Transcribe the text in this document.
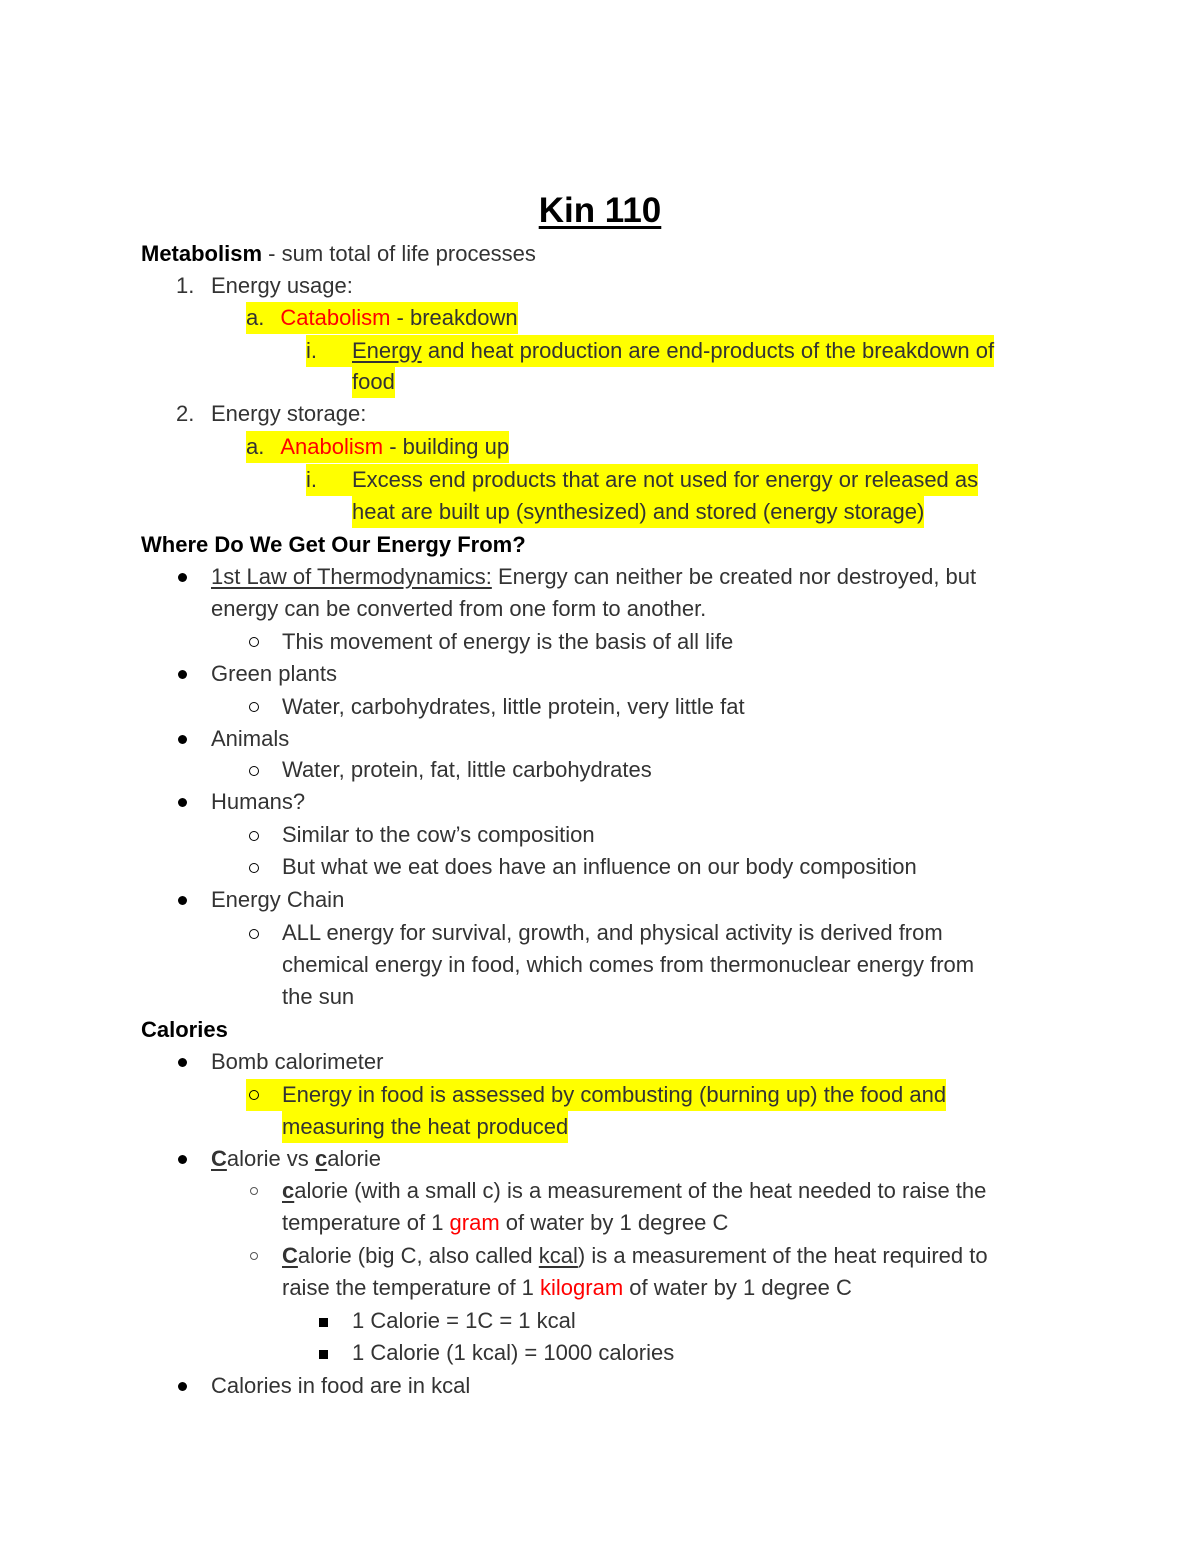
Kin 110
Metabolism - sum total of life processes
1. Energy usage:
a. Catabolism - breakdown
i.	Energy and heat production are end-products of the breakdown of
food
2. Energy storage:
a. Anabolism - building up
i.	Excess end products that are not used for energy or released as
heat are built up (synthesized) and stored (energy storage)
Where Do We Get Our Energy From?
1st Law of Thermodynamics: Energy can neither be created nor destroyed, but
energy can be converted from one form to another.
This movement of energy is the basis of all life
Green plants
Water, carbohydrates, little protein, very little fat
Animals
Water, protein, fat, little carbohydrates
Humans?
Similar to the cow’s composition
But what we eat does have an influence on our body composition
Energy Chain
ALL energy for survival, growth, and physical activity is derived from
chemical energy in food, which comes from thermonuclear energy from
the sun
Calories
Bomb calorimeter
Energy in food is assessed by combusting (burning up) the food and
measuring the heat produced
Calorie vs calorie
calorie (with a small c) is a measurement of the heat needed to raise the
temperature of 1 gram of water by 1 degree C
Calorie (big C, also called kcal) is a measurement of the heat required to
raise the temperature of 1 kilogram of water by 1 degree C
1 Calorie = 1C = 1 kcal
1 Calorie (1 kcal) = 1000 calories
Calories in food are in kcal
